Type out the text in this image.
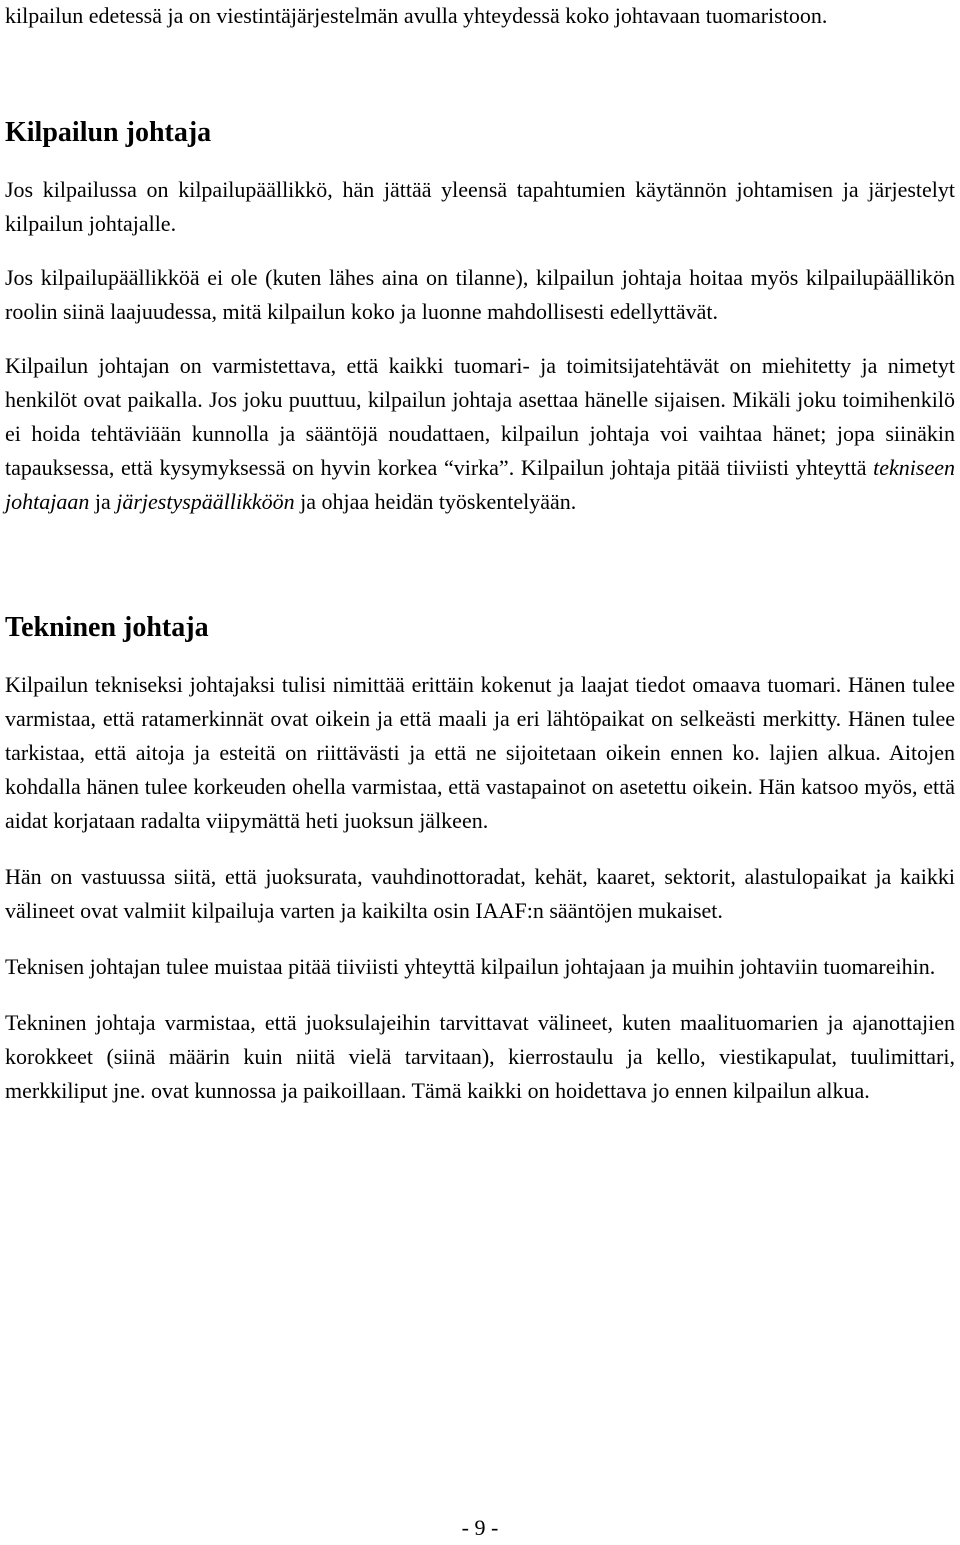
kilpailun edetessä ja on viestintäjärjestelmän avulla yhteydessä koko johtavaan tuomaristoon.

Kilpailun johtaja

Jos kilpailussa on kilpailupäällikkö, hän jättää yleensä tapahtumien käytännön johtamisen ja järjestelyt kilpailun johtajalle.

Jos kilpailupäällikköä ei ole (kuten lähes aina on tilanne), kilpailun johtaja hoitaa myös kilpailupäällikön roolin siinä laajuudessa, mitä kilpailun koko ja luonne mahdollisesti edellyttävät.

Kilpailun johtajan on varmistettava, että kaikki tuomari- ja toimitsijatehtävät on miehitetty ja nimetyt henkilöt ovat paikalla. Jos joku puuttuu, kilpailun johtaja asettaa hänelle sijaisen. Mikäli joku toimihenkilö ei hoida tehtäviään kunnolla ja sääntöjä noudattaen, kilpailun johtaja voi vaihtaa hänet; jopa siinäkin tapauksessa, että kysymyksessä on hyvin korkea “virka”. Kilpailun johtaja pitää tiiviisti yhteyttä tekniseen johtajaan ja järjestyspäällikköön ja ohjaa heidän työskentelyään.

Tekninen johtaja

Kilpailun tekniseksi johtajaksi tulisi nimittää erittäin kokenut ja laajat tiedot omaava tuomari. Hänen tulee varmistaa, että ratamerkinnät ovat oikein ja että maali ja eri lähtöpaikat on selkeästi merkitty. Hänen tulee tarkistaa, että aitoja ja esteitä on riittävästi ja että ne sijoitetaan oikein ennen ko. lajien alkua. Aitojen kohdalla hänen tulee korkeuden ohella varmistaa, että vastapainot on asetettu oikein. Hän katsoo myös, että aidat korjataan radalta viipymättä heti juoksun jälkeen.

Hän on vastuussa siitä, että juoksurata, vauhdinottoradat, kehät, kaaret, sektorit, alastulopaikat ja kaikki välineet ovat valmiit kilpailuja varten ja kaikilta osin IAAF:n sääntöjen mukaiset.

Teknisen johtajan tulee muistaa pitää tiiviisti yhteyttä kilpailun johtajaan ja muihin johtaviin tuomareihin.

Tekninen johtaja varmistaa, että juoksulajeihin tarvittavat välineet, kuten maalituomarien ja ajanottajien korokkeet (siinä määrin kuin niitä vielä tarvitaan), kierrostaulu ja kello, viestikapulat, tuulimittari, merkkiliput jne. ovat kunnossa ja paikoillaan. Tämä kaikki on hoidettava jo ennen kilpailun alkua.

- 9 -
